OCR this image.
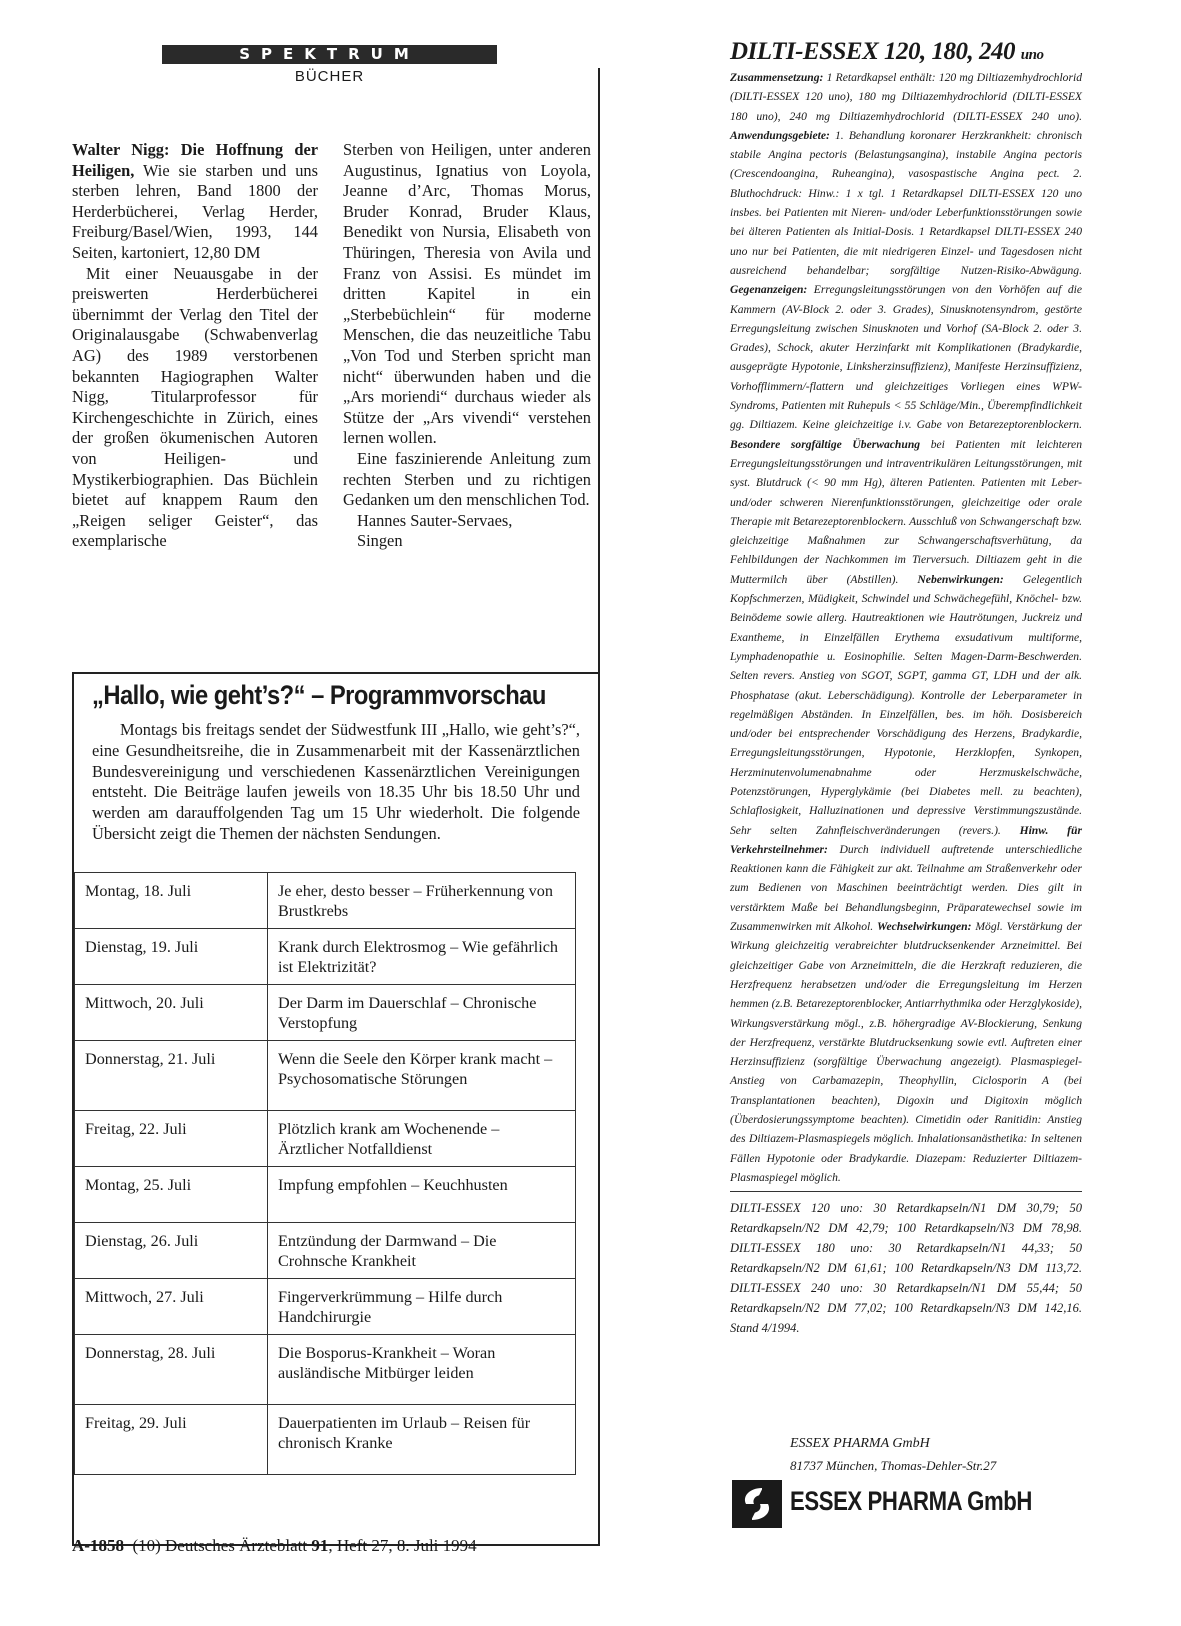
SPEKTRUM
BÜCHER

Walter Nigg: Die Hoffnung der Heiligen, Wie sie starben und uns sterben lehren, Band 1800 der Herderbücherei, Verlag Herder, Freiburg/Basel/Wien, 1993, 144 Seiten, kartoniert, 12,80 DM

Mit einer Neuausgabe in der preiswerten Herderbücherei übernimmt der Verlag den Titel der Originalausgabe (Schwabenverlag AG) des 1989 verstorbenen bekannten Hagiographen Walter Nigg, Titularprofessor für Kirchengeschichte in Zürich, eines der großen ökumenischen Autoren von Heiligen- und Mystikerbiographien. Das Büchlein bietet auf knappem Raum den „Reigen seliger Geister“, das exemplarische

Sterben von Heiligen, unter anderen Augustinus, Ignatius von Loyola, Jeanne d’Arc, Thomas Morus, Bruder Konrad, Bruder Klaus, Benedikt von Nursia, Elisabeth von Thüringen, Theresia von Avila und Franz von Assisi. Es mündet im dritten Kapitel in ein „Sterbebüchlein“ für moderne Menschen, die das neuzeitliche Tabu „Von Tod und Sterben spricht man nicht“ überwunden haben und die „Ars moriendi“ durchaus wieder als Stütze der „Ars vivendi“ verstehen lernen wollen.

Eine faszinierende Anleitung zum rechten Sterben und zu richtigen Gedanken um den menschlichen Tod.

Hannes Sauter-Servaes,

Singen

„Hallo, wie geht’s?“ – Programmvorschau
Montags bis freitags sendet der Südwestfunk III „Hallo, wie geht’s?“, eine Gesundheitsreihe, die in Zusammenarbeit mit der Kassenärztlichen Bundesvereinigung und verschiedenen Kassenärztlichen Vereinigungen entsteht. Die Beiträge laufen jeweils von 18.35 Uhr bis 18.50 Uhr und werden am darauffolgenden Tag um 15 Uhr wiederholt. Die folgende Übersicht zeigt die Themen der nächsten Sendungen.
Montag, 18. Juli	Je eher, desto besser – Früherkennung von Brustkrebs
Dienstag, 19. Juli	Krank durch Elektrosmog – Wie gefährlich ist Elektrizität?
Mittwoch, 20. Juli	Der Darm im Dauerschlaf – Chronische Verstopfung
Donnerstag, 21. Juli	Wenn die Seele den Körper krank macht – Psychosomatische Störungen
Freitag, 22. Juli	Plötzlich krank am Wochenende – Ärztlicher Notfalldienst
Montag, 25. Juli	Impfung empfohlen – Keuchhusten
Dienstag, 26. Juli	Entzündung der Darmwand – Die Crohnsche Krankheit
Mittwoch, 27. Juli	Fingerverkrümmung – Hilfe durch Handchirurgie
Donnerstag, 28. Juli	Die Bosporus-Krankheit – Woran ausländische Mitbürger leiden
Freitag, 29. Juli	Dauerpatienten im Urlaub – Reisen für chronisch Kranke
A-1858 (10) Deutsches Ärzteblatt 91, Heft 27, 8. Juli 1994
DILTI-ESSEX 120, 180, 240 uno
Zusammensetzung: 1 Retardkapsel enthält: 120 mg Diltiazemhydrochlorid (DILTI-ESSEX 120 uno), 180 mg Diltiazemhydrochlorid (DILTI-ESSEX 180 uno), 240 mg Diltiazemhydrochlorid (DILTI-ESSEX 240 uno). Anwendungsgebiete: 1. Behandlung koronarer Herzkrankheit: chronisch stabile Angina pectoris (Belastungsangina), instabile Angina pectoris (Crescendoangina, Ruheangina), vasospastische Angina pect. 2. Bluthochdruck: Hinw.: 1 x tgl. 1 Retardkapsel DILTI-ESSEX 120 uno insbes. bei Patienten mit Nieren- und/oder Leberfunktionsstörungen sowie bei älteren Patienten als Initial-Dosis. 1 Retardkapsel DILTI-ESSEX 240 uno nur bei Patienten, die mit niedrigeren Einzel- und Tagesdosen nicht ausreichend behandelbar; sorgfältige Nutzen-Risiko-Abwägung. Gegenanzeigen: Erregungsleitungsstörungen von den Vorhöfen auf die Kammern (AV-Block 2. oder 3. Grades), Sinusknotensyndrom, gestörte Erregungsleitung zwischen Sinusknoten und Vorhof (SA-Block 2. oder 3. Grades), Schock, akuter Herzinfarkt mit Komplikationen (Bradykardie, ausgeprägte Hypotonie, Linksherzinsuffizienz), Manifeste Herzinsuffizienz, Vorhofflimmern/-flattern und gleichzeitiges Vorliegen eines WPW-Syndroms, Patienten mit Ruhepuls < 55 Schläge/Min., Überempfindlichkeit gg. Diltiazem. Keine gleichzeitige i.v. Gabe von Betarezeptorenblockern. Besondere sorgfältige Überwachung bei Patienten mit leichteren Erregungsleitungsstörungen und intraventrikulären Leitungsstörungen, mit syst. Blutdruck (< 90 mm Hg), älteren Patienten. Patienten mit Leber- und/oder schweren Nierenfunktionsstörungen, gleichzeitige oder orale Therapie mit Betarezeptorenblockern. Ausschluß von Schwangerschaft bzw. gleichzeitige Maßnahmen zur Schwangerschaftsverhütung, da Fehlbildungen der Nachkommen im Tierversuch. Diltiazem geht in die Muttermilch über (Abstillen). Nebenwirkungen: Gelegentlich Kopfschmerzen, Müdigkeit, Schwindel und Schwächegefühl, Knöchel- bzw. Beinödeme sowie allerg. Hautreaktionen wie Hautrötungen, Juckreiz und Exantheme, in Einzelfällen Erythema exsudativum multiforme, Lymphadenopathie u. Eosinophilie. Selten Magen-Darm-Beschwerden. Selten revers. Anstieg von SGOT, SGPT, gamma GT, LDH und der alk. Phosphatase (akut. Leberschädigung). Kontrolle der Leberparameter in regelmäßigen Abständen. In Einzelfällen, bes. im höh. Dosisbereich und/oder bei entsprechender Vorschädigung des Herzens, Bradykardie, Erregungsleitungsstörungen, Hypotonie, Herzklopfen, Synkopen, Herzminutenvolumenabnahme oder Herzmuskelschwäche, Potenzstörungen, Hyperglykämie (bei Diabetes mell. zu beachten), Schlaflosigkeit, Halluzinationen und depressive Verstimmungszustände. Sehr selten Zahnfleischveränderungen (revers.). Hinw. für Verkehrsteilnehmer: Durch individuell auftretende unterschiedliche Reaktionen kann die Fähigkeit zur akt. Teilnahme am Straßenverkehr oder zum Bedienen von Maschinen beeinträchtigt werden. Dies gilt in verstärktem Maße bei Behandlungsbeginn, Präparatewechsel sowie im Zusammenwirken mit Alkohol. Wechselwirkungen: Mögl. Verstärkung der Wirkung gleichzeitig verabreichter blutdrucksenkender Arzneimittel. Bei gleichzeitiger Gabe von Arzneimitteln, die die Herzkraft reduzieren, die Herzfrequenz herabsetzen und/oder die Erregungsleitung im Herzen hemmen (z.B. Betarezeptorenblocker, Antiarrhythmika oder Herzglykoside), Wirkungsverstärkung mögl., z.B. höhergradige AV-Blockierung, Senkung der Herzfrequenz, verstärkte Blutdrucksenkung sowie evtl. Auftreten einer Herzinsuffizienz (sorgfältige Überwachung angezeigt). Plasmaspiegel-Anstieg von Carbamazepin, Theophyllin, Ciclosporin A (bei Transplantationen beachten), Digoxin und Digitoxin möglich (Überdosierungssymptome beachten). Cimetidin oder Ranitidin: Anstieg des Diltiazem-Plasmaspiegels möglich. Inhalationsanästhetika: In seltenen Fällen Hypotonie oder Bradykardie. Diazepam: Reduzierter Diltiazem-Plasmaspiegel möglich.
DILTI-ESSEX 120 uno: 30 Retardkapseln/N1 DM 30,79; 50 Retardkapseln/N2 DM 42,79; 100 Retardkapseln/N3 DM 78,98. DILTI-ESSEX 180 uno: 30 Retardkapseln/N1 44,33; 50 Retardkapseln/N2 DM 61,61; 100 Retardkapseln/N3 DM 113,72. DILTI-ESSEX 240 uno: 30 Retardkapseln/N1 DM 55,44; 50 Retardkapseln/N2 DM 77,02; 100 Retardkapseln/N3 DM 142,16. Stand 4/1994.
ESSEX PHARMA GmbH
81737 München, Thomas-Dehler-Str.27
ESSEX PHARMA GmbH
